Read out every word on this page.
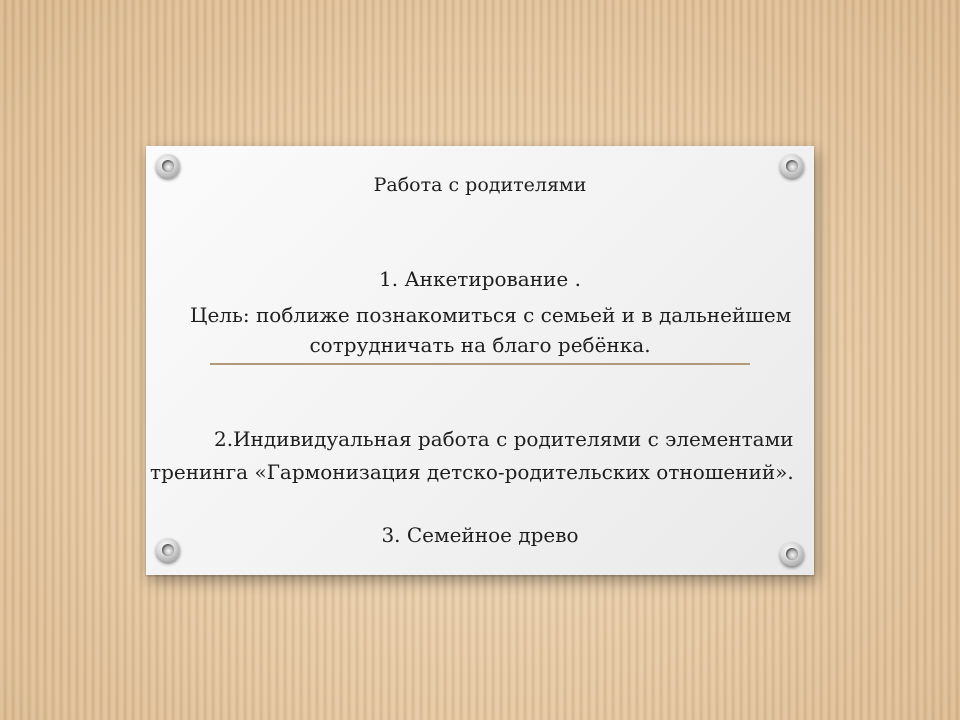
Работа с родителями
1. Анкетирование .
Цель: поближе познакомиться с семьей и в дальнейшем
сотрудничать на благо ребёнка.
2.Индивидуальная работа с родителями с элементами
тренинга «Гармонизация детско-родительских отношений».
3. Семейное древо
